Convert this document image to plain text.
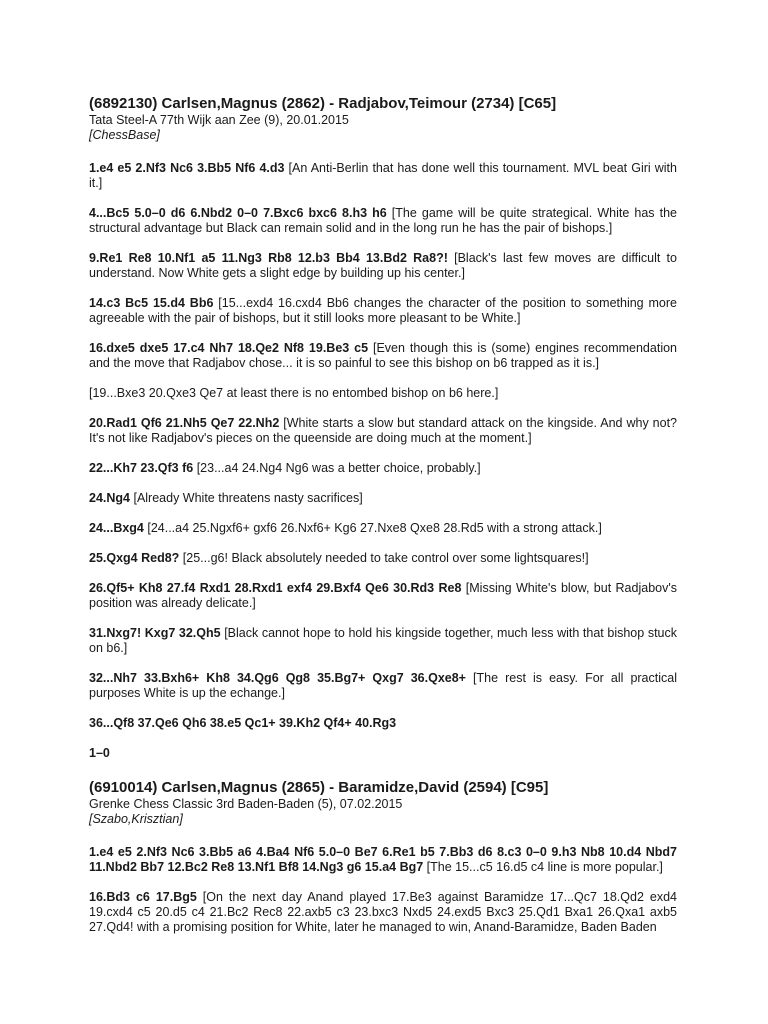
(6892130) Carlsen,Magnus (2862) - Radjabov,Teimour (2734) [C65]

Tata Steel-A 77th Wijk aan Zee (9), 20.01.2015

[ChessBase]

1.e4 e5 2.Nf3 Nc6 3.Bb5 Nf6 4.d3 [An Anti-Berlin that has done well this tournament. MVL beat Giri with it.]

4...Bc5 5.0–0 d6 6.Nbd2 0–0 7.Bxc6 bxc6 8.h3 h6 [The game will be quite strategical. White has the structural advantage but Black can remain solid and in the long run he has the pair of bishops.]

9.Re1 Re8 10.Nf1 a5 11.Ng3 Rb8 12.b3 Bb4 13.Bd2 Ra8?! [Black's last few moves are difficult to understand. Now White gets a slight edge by building up his center.]

14.c3 Bc5 15.d4 Bb6 [15...exd4 16.cxd4 Bb6 changes the character of the position to something more agreeable with the pair of bishops, but it still looks more pleasant to be White.]

16.dxe5 dxe5 17.c4 Nh7 18.Qe2 Nf8 19.Be3 c5 [Even though this is (some) engines recommendation and the move that Radjabov chose... it is so painful to see this bishop on b6 trapped as it is.]

[19...Bxe3 20.Qxe3 Qe7 at least there is no entombed bishop on b6 here.]

20.Rad1 Qf6 21.Nh5 Qe7 22.Nh2 [White starts a slow but standard attack on the kingside. And why not? It's not like Radjabov's pieces on the queenside are doing much at the moment.]

22...Kh7 23.Qf3 f6 [23...a4 24.Ng4 Ng6 was a better choice, probably.]

24.Ng4 [Already White threatens nasty sacrifices]

24...Bxg4 [24...a4 25.Ngxf6+ gxf6 26.Nxf6+ Kg6 27.Nxe8 Qxe8 28.Rd5 with a strong attack.]

25.Qxg4 Red8? [25...g6! Black absolutely needed to take control over some lightsquares!]

26.Qf5+ Kh8 27.f4 Rxd1 28.Rxd1 exf4 29.Bxf4 Qe6 30.Rd3 Re8 [Missing White's blow, but Radjabov's position was already delicate.]

31.Nxg7! Kxg7 32.Qh5 [Black cannot hope to hold his kingside together, much less with that bishop stuck on b6.]

32...Nh7 33.Bxh6+ Kh8 34.Qg6 Qg8 35.Bg7+ Qxg7 36.Qxe8+ [The rest is easy. For all practical purposes White is up the echange.]

36...Qf8 37.Qe6 Qh6 38.e5 Qc1+ 39.Kh2 Qf4+ 40.Rg3

1–0

(6910014) Carlsen,Magnus (2865) - Baramidze,David (2594) [C95]

Grenke Chess Classic 3rd Baden-Baden (5), 07.02.2015

[Szabo,Krisztian]

1.e4 e5 2.Nf3 Nc6 3.Bb5 a6 4.Ba4 Nf6 5.0–0 Be7 6.Re1 b5 7.Bb3 d6 8.c3 0–0 9.h3 Nb8 10.d4 Nbd7 11.Nbd2 Bb7 12.Bc2 Re8 13.Nf1 Bf8 14.Ng3 g6 15.a4 Bg7 [The 15...c5 16.d5 c4 line is more popular.]

16.Bd3 c6 17.Bg5 [On the next day Anand played 17.Be3 against Baramidze 17...Qc7 18.Qd2 exd4 19.cxd4 c5 20.d5 c4 21.Bc2 Rec8 22.axb5 c3 23.bxc3 Nxd5 24.exd5 Bxc3 25.Qd1 Bxa1 26.Qxa1 axb5 27.Qd4! with a promising position for White, later he managed to win, Anand-Baramidze, Baden Baden
